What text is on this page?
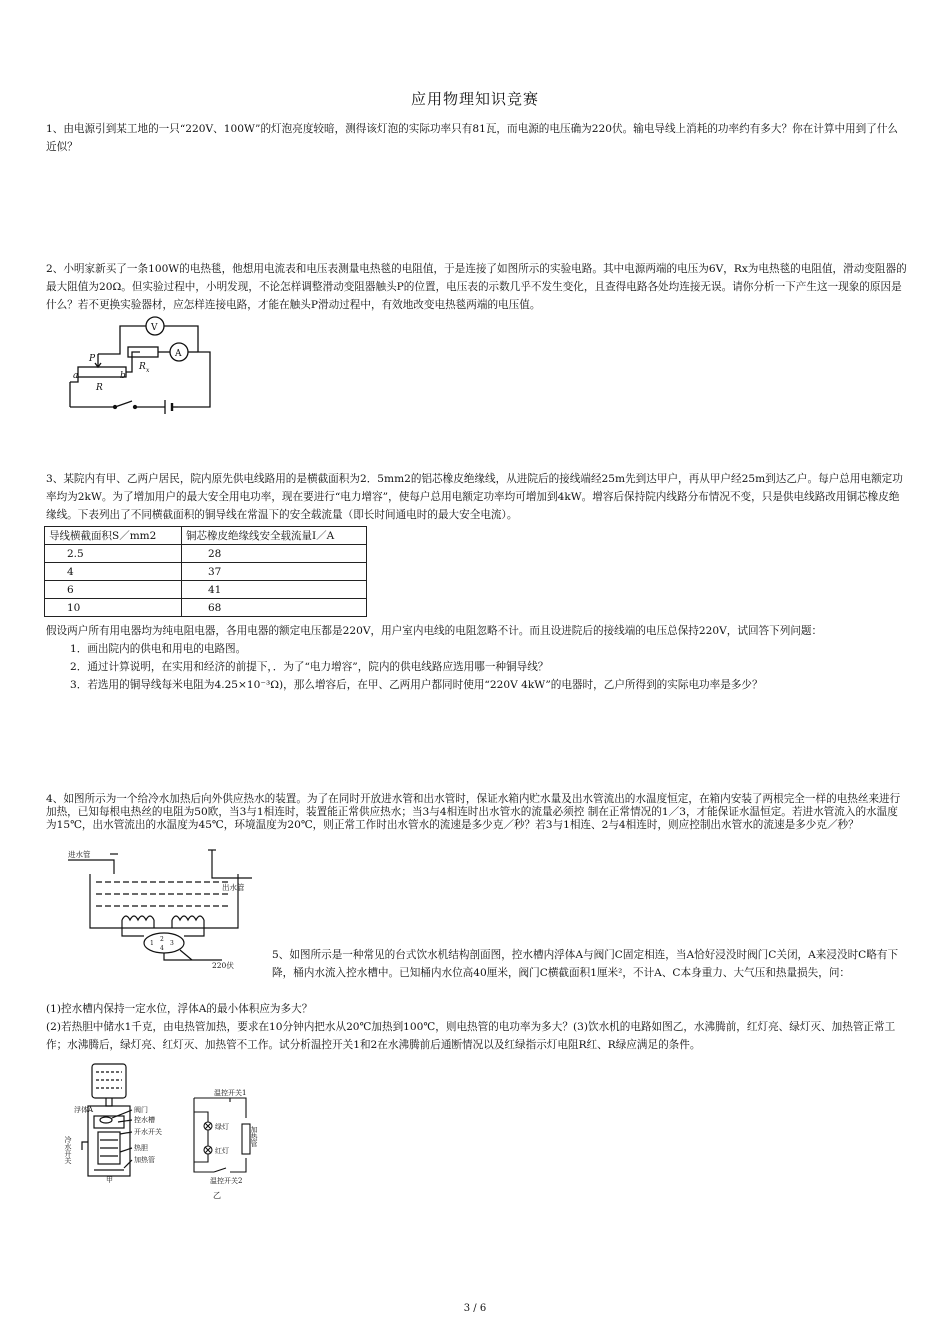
应用物理知识竞赛

1、由电源引到某工地的一只“220V、100W”的灯泡亮度较暗，测得该灯泡的实际功率只有81瓦，而电源的电压确为220伏。输电导线上消耗的功率约有多大？你在计算中用到了什么近似？

2、小明家新买了一条100W的电热毯，他想用电流表和电压表测量电热毯的电阻值，于是连接了如图所示的实验电路。其中电源两端的电压为6V，Rx为电热毯的电阻值，滑动变阻器的最大阻值为20Ω。但实验过程中，小明发现，不论怎样调整滑动变阻器触头P的位置，电压表的示数几乎不发生变化，且查得电路各处均连接无误。请你分析一下产生这一现象的原因是什么？若不更换实验器材，应怎样连接电路，才能在触头P滑动过程中，有效地改变电热毯两端的电压值。

V
A
R x
P
a	b
R

3、某院内有甲、乙两户居民，院内原先供电线路用的是横截面积为2．5mm2的铝芯橡皮绝缘线，从进院后的接线端经25m先到达甲户，再从甲户经25m到达乙户。每户总用电额定功率均为2kW。为了增加用户的最大安全用电功率，现在要进行“电力增容”，使每户总用电额定功率均可增加到4kW。增容后保持院内线路分布情况不变，只是供电线路改用铜芯橡皮绝缘线。下表列出了不同横截面积的铜导线在常温下的安全载流量（即长时间通电时的最大安全电流）。

导线横截面积S／mm2	铜芯橡皮绝缘线安全载流量I／A
2.5	28
4	37
6	41
10	68

假设两户所有用电器均为纯电阻电器，各用电器的额定电压都是220V，用户室内电线的电阻忽略不计。而且设进院后的接线端的电压总保持220V，试回答下列问题：

1．画出院内的供电和用电的电路图。

2．通过计算说明，在实用和经济的前提下，．为了“电力增容”，院内的供电线路应选用哪一种铜导线？

3．若选用的铜导线每米电阻为4.25×10⁻³Ω)，那么增容后，在甲、乙两用户都同时使用“220V 4kW”的电器时，乙户所得到的实际电功率是多少？

4、如图所示为一个给冷水加热后向外供应热水的装置。为了在同时开放进水管和出水管时，保证水箱内贮水量及出水管流出的水温度恒定，在箱内安装了两根完全一样的电热丝来进行加热，已知每根电热丝的电阻为50欧，当3与1相连时，装置能正常供应热水；当3与4相连时出水管水的流量必须控 制在正常情况的1／3，才能保证水温恒定。若进水管流入的水温度为15℃，出水管流出的水温度为45℃，环境温度为20℃，则正常工作时出水管水的流速是多少克／秒？若3与1相连、2与4相连时，则应控制出水管水的流速是多少克／秒？

进水管
出水管
220伏
1
2
3
4

5、如图所示是一种常见的台式饮水机结构剖面图，控水槽内浮体A与阀门C固定相连，当A恰好浸没时阀门C关闭，A来浸没时C略有下降，桶内水流入控水槽中。已知桶内水位高40厘米，阀门C横截面积1厘米²，不计A、C本身重力、大气压和热量损失，问：

(1)控水槽内保持一定水位，浮体A的最小体积应为多大？

(2)若热胆中储水1千克，由电热管加热，要求在10分钟内把水从20℃加热到100℃，则电热管的电功率为多大？(3)饮水机的电路如图乙，水沸腾前，红灯亮、绿灯灭、加热管正常工作；水沸腾后，绿灯亮、红灯灭、加热管不工作。试分析温控开关1和2在水沸腾前后通断情况以及红绿指示灯电阻R红、R绿应满足的条件。

浮体A	阀门
控水槽
开水开关
热胆
加热管
甲
冷水开关
温控开关1
绿灯
红灯
温控开关2
加热管
乙
3 / 6
